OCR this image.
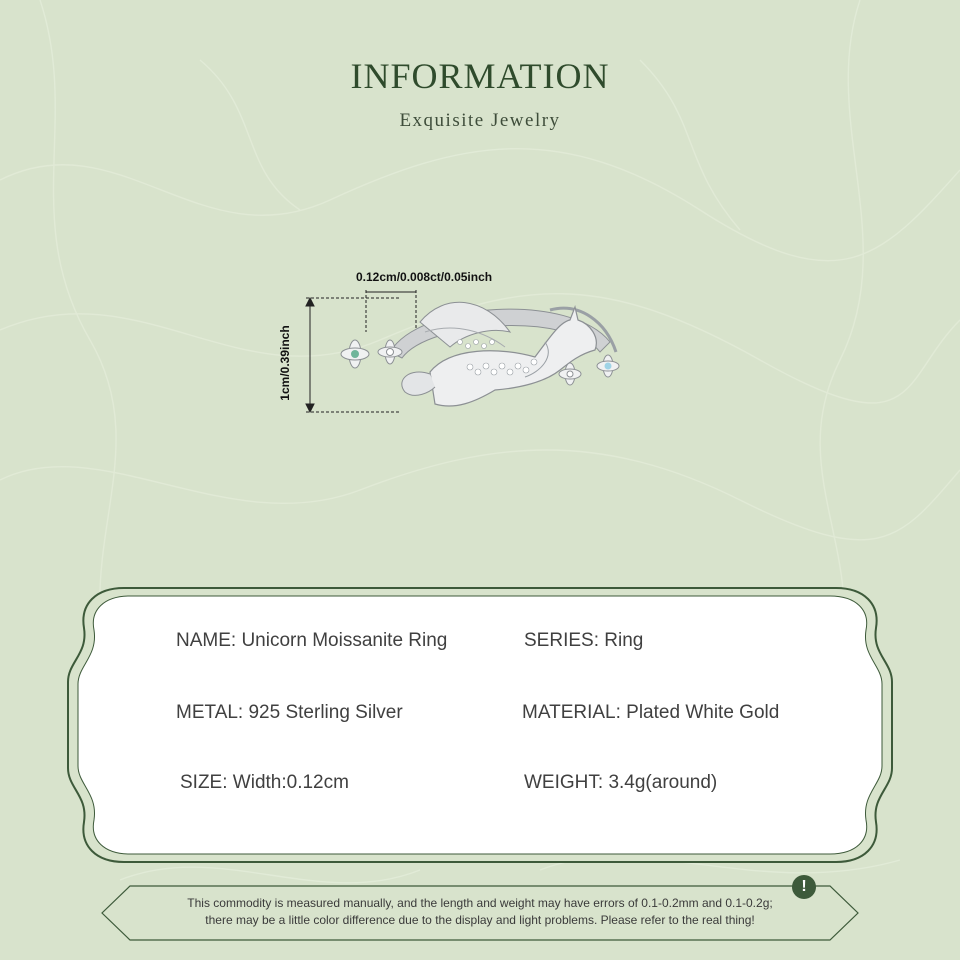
INFORMATION
Exquisite Jewelry
0.12cm/0.008ct/0.05inch
1cm/0.39inch
NAME: Unicorn Moissanite Ring	SERIES: Ring
METAL: 925 Sterling Silver	MATERIAL: Plated White Gold
SIZE: Width:0.12cm	WEIGHT: 3.4g(around)
This commodity is measured manually, and the length and weight may have errors of 0.1-0.2mm and 0.1-0.2g;
there may be a little color difference due to the display and light problems. Please refer to the real thing!
!
